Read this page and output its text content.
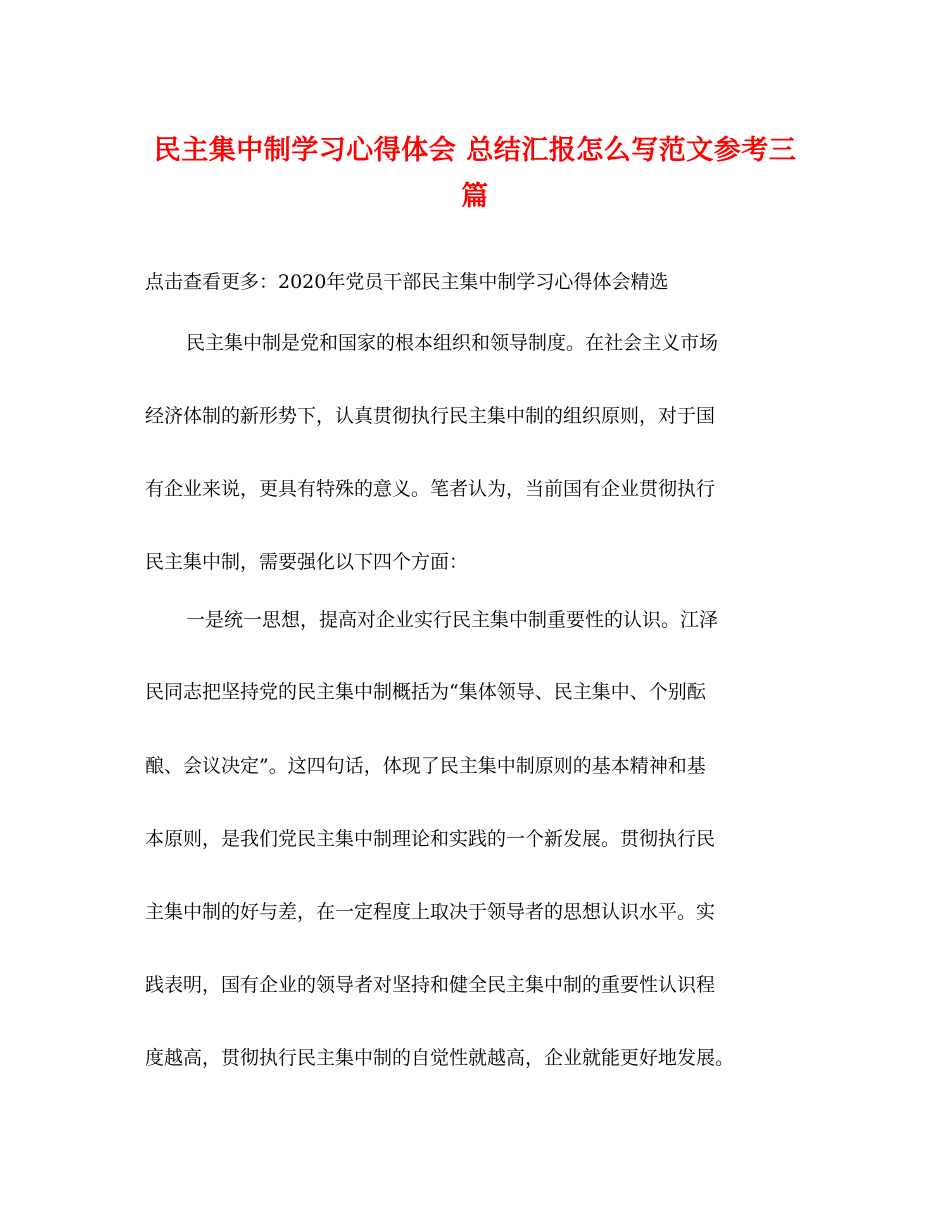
民主集中制学习心得体会 总结汇报怎么写范文参考三
篇
点击查看更多：2020年党员干部民主集中制学习心得体会精选
民主集中制是党和国家的根本组织和领导制度。在社会主义市场
经济体制的新形势下，认真贯彻执行民主集中制的组织原则，对于国
有企业来说，更具有特殊的意义。笔者认为，当前国有企业贯彻执行
民主集中制，需要强化以下四个方面：
一是统一思想，提高对企业实行民主集中制重要性的认识。江泽
民同志把坚持党的民主集中制概括为“集体领导、民主集中、个别酝
酿、会议决定”。这四句话，体现了民主集中制原则的基本精神和基
本原则，是我们党民主集中制理论和实践的一个新发展。贯彻执行民
主集中制的好与差，在一定程度上取决于领导者的思想认识水平。实
践表明，国有企业的领导者对坚持和健全民主集中制的重要性认识程
度越高，贯彻执行民主集中制的自觉性就越高，企业就能更好地发展。
